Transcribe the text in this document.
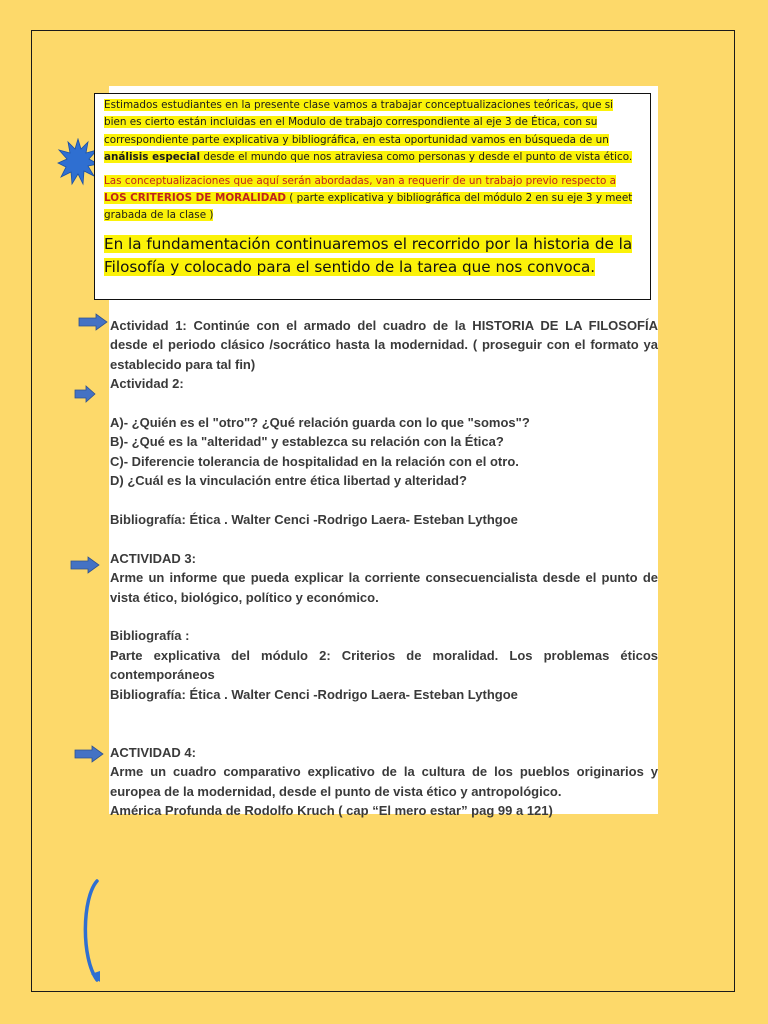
Estimados estudiantes en la presente clase vamos a trabajar conceptualizaciones teóricas, que si bien es cierto están incluidas en el Modulo de trabajo correspondiente al eje 3 de Ética, con su correspondiente parte explicativa y bibliográfica, en esta oportunidad vamos en búsqueda de un análisis especial desde el mundo que nos atraviesa como personas y desde el punto de vista ético.

Las conceptualizaciones que aquí serán abordadas, van a requerir de un trabajo previo respecto a LOS CRITERIOS DE MORALIDAD ( parte explicativa y bibliográfica del módulo 2 en su eje 3 y meet grabada de la clase )

En la fundamentación continuaremos el recorrido por la historia de la Filosofía y colocado para el sentido de la tarea que nos convoca.

Actividad 1: Continúe con el armado del cuadro de la HISTORIA DE LA FILOSOFÍA desde el periodo clásico /socrático hasta la modernidad. ( proseguir con el formato ya establecido para tal fin)

Actividad 2:

A)- ¿Quién es el "otro"? ¿Qué relación guarda con lo que "somos"?

B)- ¿Qué es la "alteridad" y establezca su relación con la Ética?

C)- Diferencie tolerancia de hospitalidad en la relación con el otro.

D) ¿Cuál es la vinculación entre ética libertad y alteridad?

Bibliografía: Ética . Walter Cenci -Rodrigo Laera- Esteban Lythgoe

ACTIVIDAD 3:

Arme un informe que pueda explicar la corriente consecuencialista desde el punto de vista ético, biológico, político y económico.

Bibliografía :

Parte explicativa del módulo 2: Criterios de moralidad. Los problemas éticos contemporáneos

Bibliografía: Ética . Walter Cenci -Rodrigo Laera- Esteban Lythgoe

ACTIVIDAD 4:

Arme un cuadro comparativo explicativo de la cultura de los pueblos originarios y europea de la modernidad, desde el punto de vista ético y antropológico.

América Profunda de Rodolfo Kruch ( cap “El mero estar” pag 99 a 121)
